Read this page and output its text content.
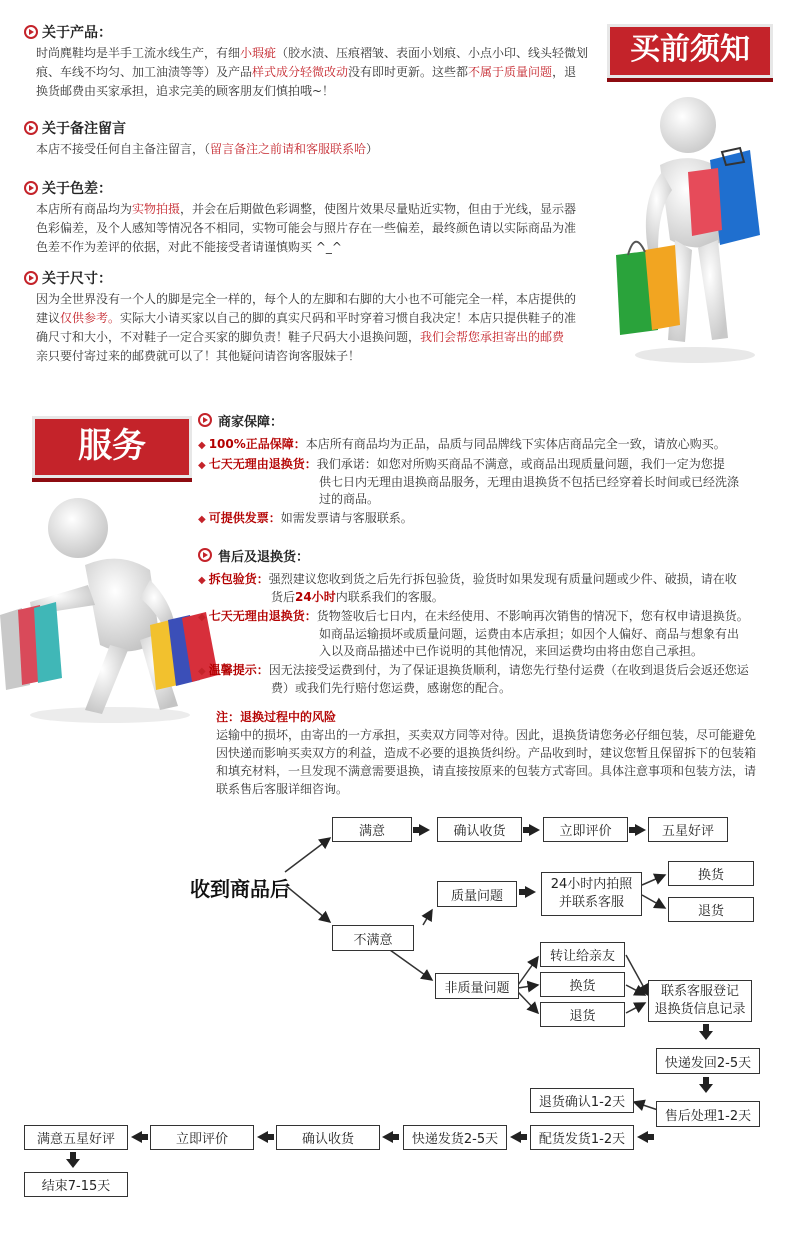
关于产品：
时尚麂鞋均是半手工流水线生产，有细小瑕疵（胶水渍、压痕褶皱、表面小划痕、小点小印、线头轻微划
痕、车线不均匀、加工油渍等等）及产品样式成分轻微改动没有即时更新。这些都不属于质量问题，退
换货邮费由买家承担，追求完美的顾客朋友们慎拍哦~！
关于备注留言
本店不接受任何自主备注留言，（留言备注之前请和客服联系哈）
关于色差：
本店所有商品均为实物拍摄，并会在后期做色彩调整，使图片效果尽量贴近实物，但由于光线，显示器
色彩偏差，及个人感知等情况各不相同，实物可能会与照片存在一些偏差，最终颜色请以实际商品为准
色差不作为差评的依据，对此不能接受者请谨慎购买 ^_^
关于尺寸：
因为全世界没有一个人的脚是完全一样的，每个人的左脚和右脚的大小也不可能完全一样，本店提供的
建议仅供参考。实际大小请买家以自己的脚的真实尺码和平时穿着习惯自我决定！本店只提供鞋子的准
确尺寸和大小，不对鞋子一定合买家的脚负责！鞋子尺码大小退换问题，我们会帮您承担寄出的邮费
亲只要付寄过来的邮费就可以了！其他疑问请咨询客服妹子！
买前须知
服务
商家保障：
◆ 100%正品保障：本店所有商品均为正品，品质与同品牌线下实体店商品完全一致，请放心购买。
◆ 七天无理由退换货：我们承诺：如您对所购买商品不满意，或商品出现质量问题，我们一定为您提
供七日内无理由退换商品服务，无理由退换货不包括已经穿着长时间或已经洗涤
过的商品。
◆ 可提供发票：如需发票请与客服联系。
售后及退换货：
◆ 拆包验货：强烈建议您收到货之后先行拆包验货，验货时如果发现有质量问题或少件、破损，请在收
货后24小时内联系我们的客服。
◆ 七天无理由退换货：货物签收后七日内，在未经使用、不影响再次销售的情况下，您有权申请退换货。
如商品运输损坏或质量问题，运费由本店承担；如因个人偏好、商品与想象有出
入以及商品描述中已作说明的其他情况，来回运费均由将由您自己承担。
◆ 温馨提示：因无法接受运费到付，为了保证退换货顺利，请您先行垫付运费（在收到退货后会返还您运
费）或我们先行赔付您运费，感谢您的配合。
注：退换过程中的风险
运输中的损坏，由寄出的一方承担，买卖双方同等对待。因此，退换货请您务必仔细包装，尽可能避免
因快递而影响买卖双方的利益，造成不必要的退换货纠纷。产品收到时，建议您暂且保留拆下的包装箱
和填充材料，一旦发现不满意需要退换，请直接按原来的包装方式寄回。具体注意事项和包装方法，请
联系售后客服详细咨询。
收到商品后
满意	确认收货	立即评价	五星好评
不满意
质量问题
24小时内拍照
并联系客服
换货
退货
非质量问题
转让给亲友
换货
退货
联系客服登记
退换货信息记录
快递发回2-5天
售后处理1-2天
退货确认1-2天
配货发货1-2天
快递发货2-5天
确认收货
立即评价
满意五星好评
结束7-15天
